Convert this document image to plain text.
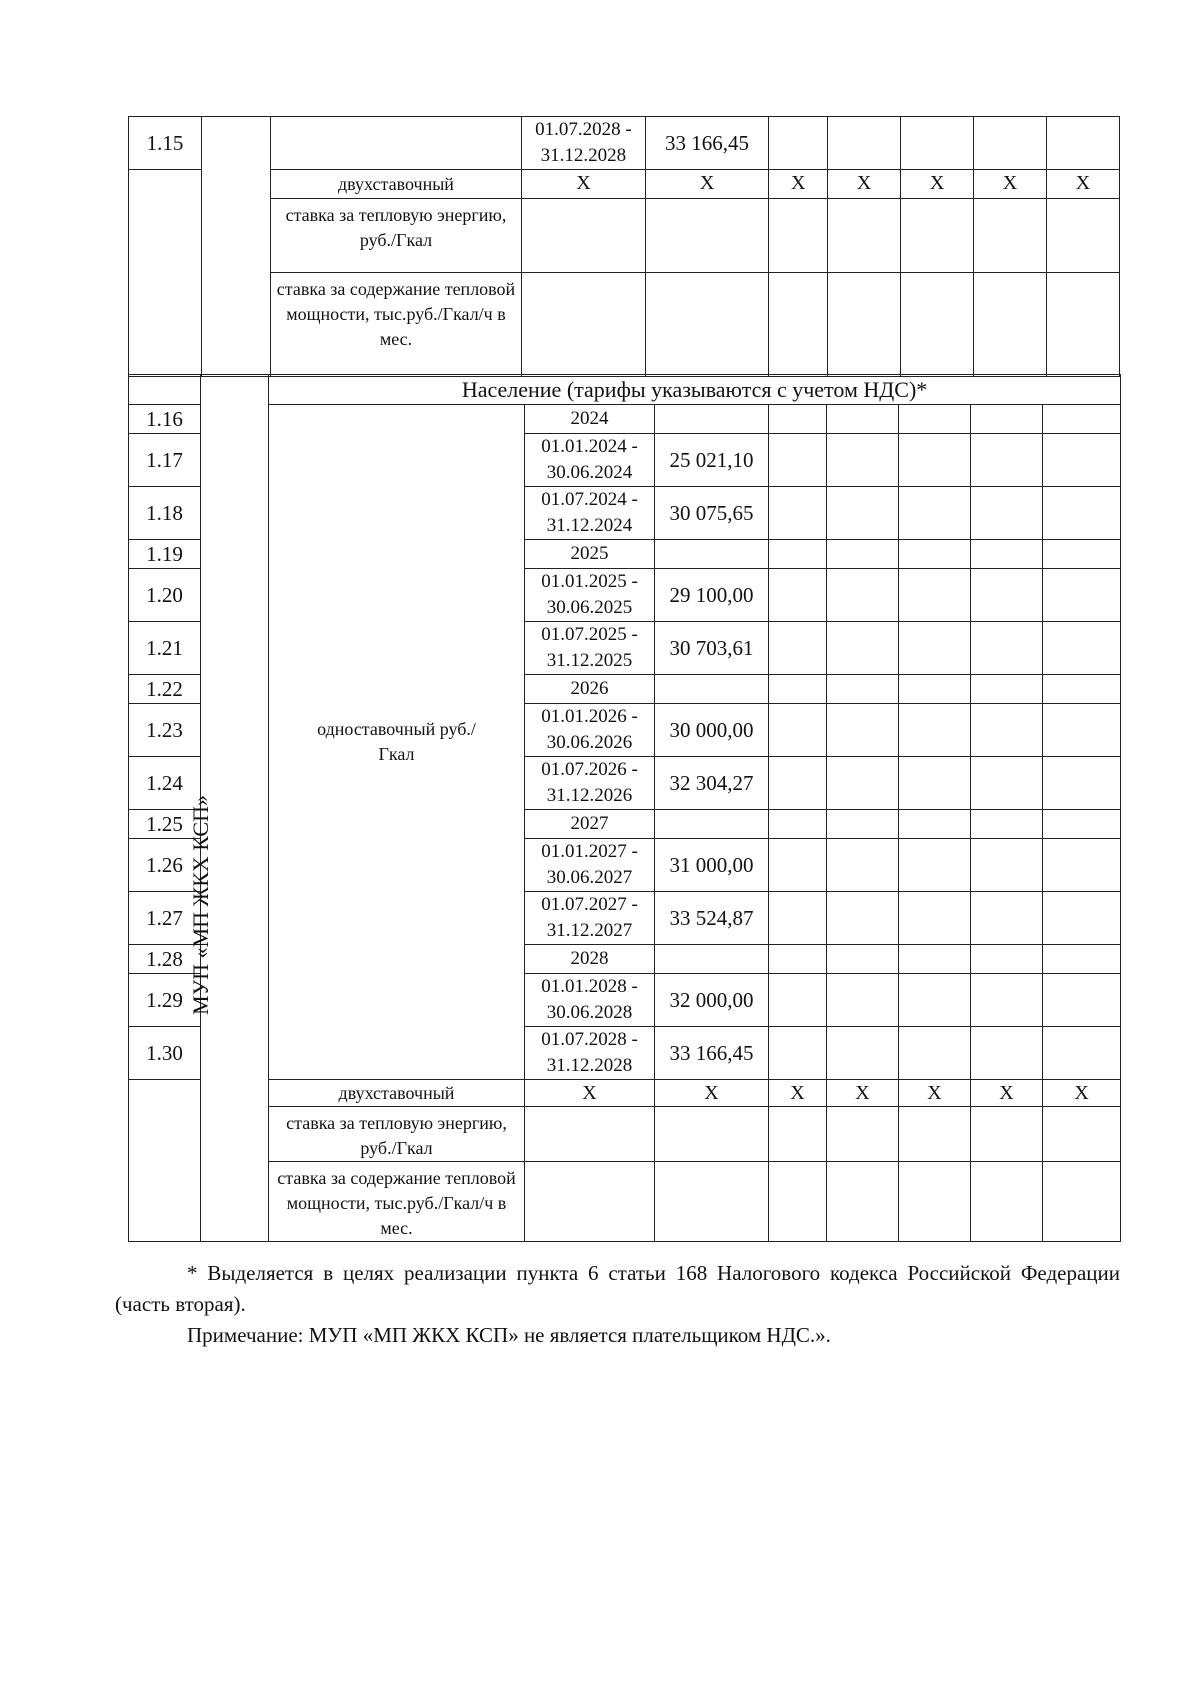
1.15			01.07.2028 - 31.12.2028	33 166,45					
		двухставочный	Х	Х	Х	Х	Х	Х	Х
		ставка за тепловую энергию, руб./Гкал							
		ставка за содержание тепловой мощности, тыс.руб./Гкал/ч в мес.							
		Население (тарифы указываются с учетом НДС)*							
1.16		одноставочный руб./Гкал	2024						
1.17			01.01.2024 - 30.06.2024	25 021,10					
1.18			01.07.2024 - 31.12.2024	30 075,65					
1.19			2025						
1.20			01.01.2025 - 30.06.2025	29 100,00					
1.21			01.07.2025 - 31.12.2025	30 703,61					
1.22			2026						
1.23			01.01.2026 - 30.06.2026	30 000,00					
1.24			01.07.2026 - 31.12.2026	32 304,27					
1.25			2027						
1.26			01.01.2027 - 30.06.2027	31 000,00					
1.27			01.07.2027 - 31.12.2027	33 524,87					
1.28			2028						
1.29			01.01.2028 - 30.06.2028	32 000,00					
1.30			01.07.2028 - 31.12.2028	33 166,45					
		двухставочный	Х	Х	Х	Х	Х	Х	Х
		ставка за тепловую энергию, руб./Гкал							
		ставка за содержание тепловой мощности, тыс.руб./Гкал/ч в мес.							
МУП «МП ЖКХ КСП»

* Выделяется в целях реализации пункта 6 статьи 168 Налогового кодекса Российской Федерации (часть вторая).

Примечание: МУП «МП ЖКХ КСП» не является плательщиком НДС.».
